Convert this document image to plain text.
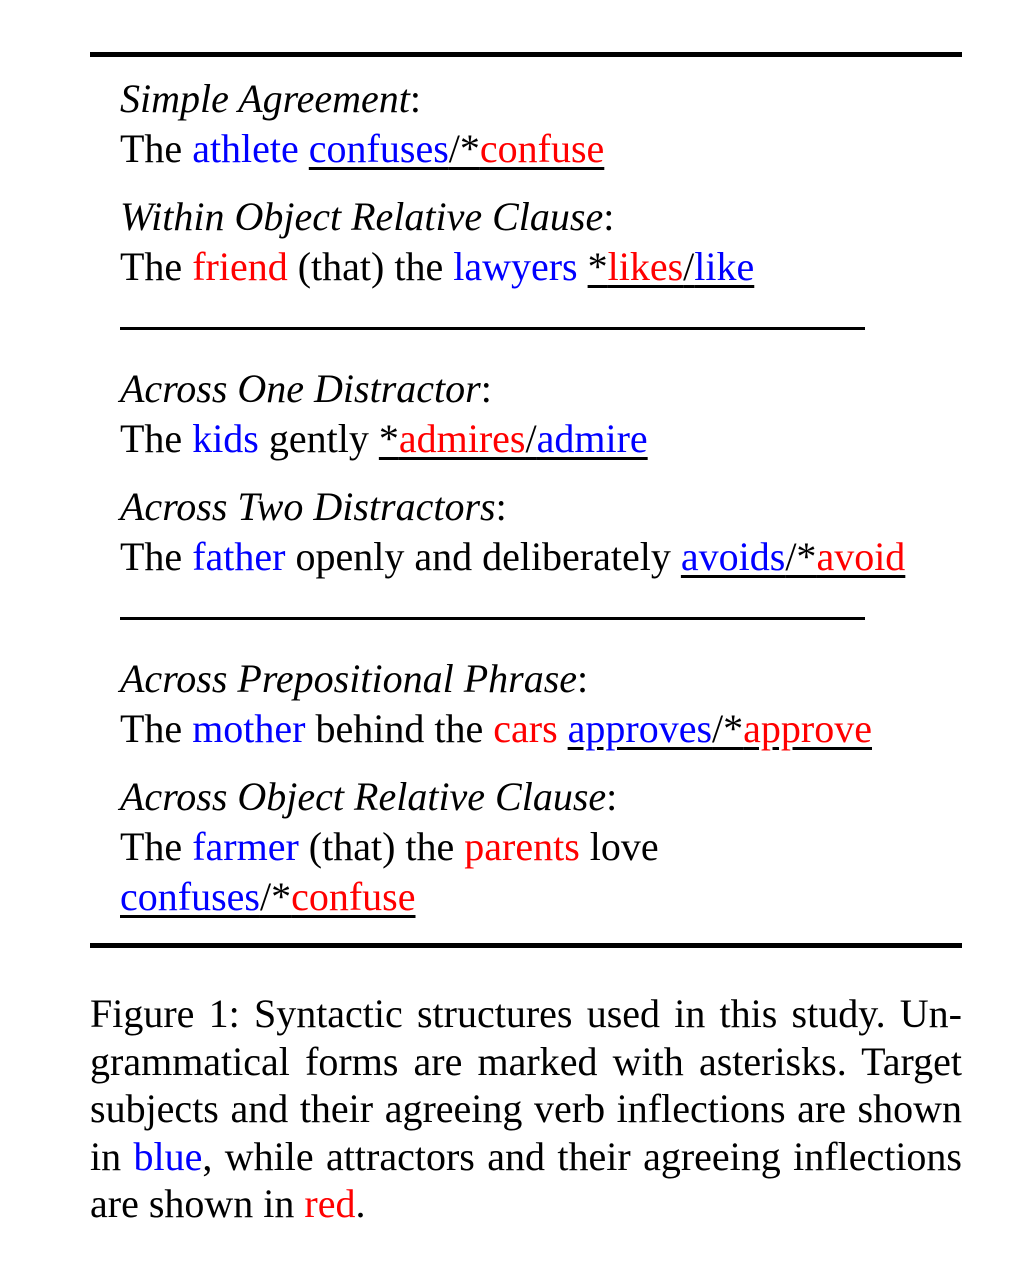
Simple Agreement:
The athlete confuses/*confuse
Within Object Relative Clause:
The friend (that) the lawyers *likes/like
Across One Distractor:
The kids gently *admires/admire
Across Two Distractors:
The father openly and deliberately avoids/*avoid
Across Prepositional Phrase:
The mother behind the cars approves/*approve
Across Object Relative Clause:
The farmer (that) the parents love
confuses/*confuse
Figure 1: Syntactic structures used in this study. Un-
grammatical forms are marked with asterisks. Target
subjects and their agreeing verb inflections are shown
in blue, while attractors and their agreeing inflections
are shown in red.
